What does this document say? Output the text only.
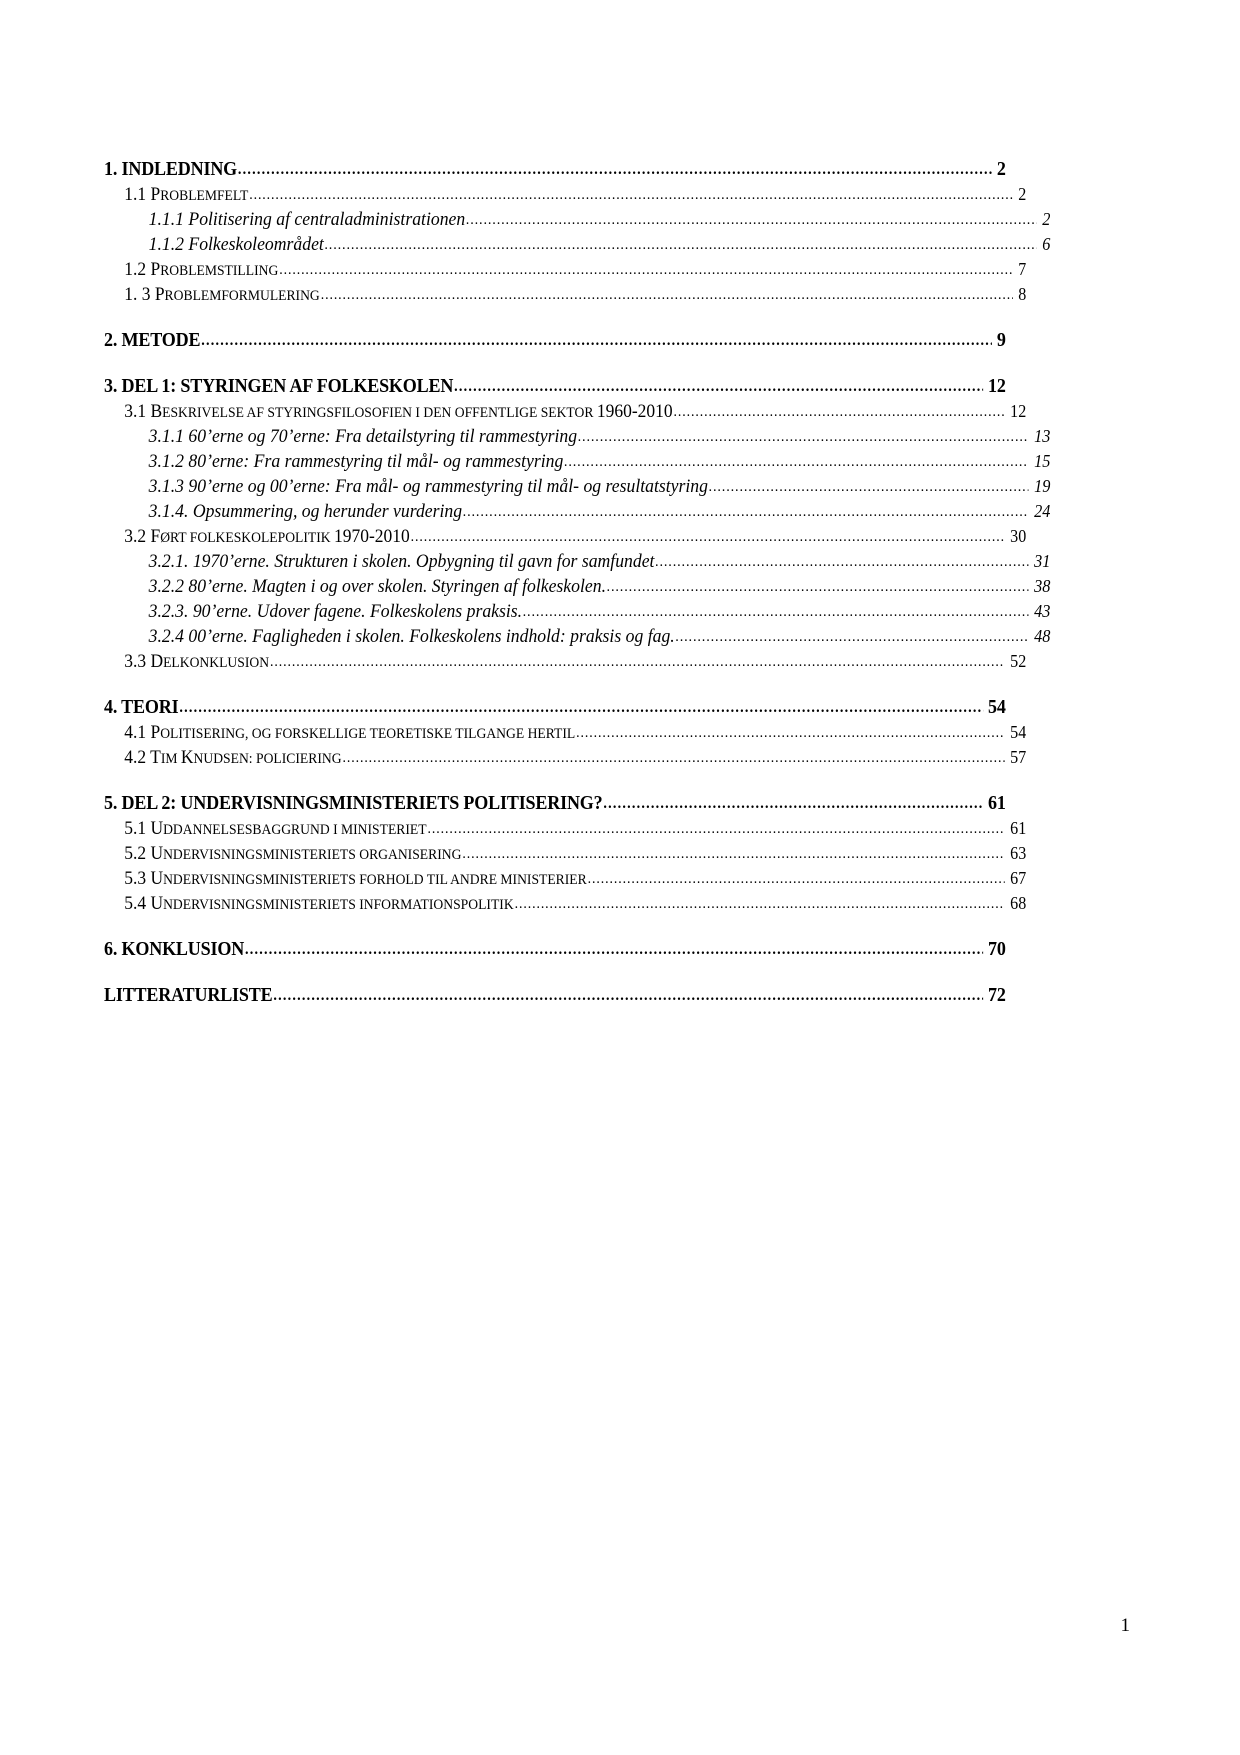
1. INDLEDNING .....	2
1.1 PROBLEMFELT .....	2
1.1.1 Politisering af centraladministrationen .....	2
1.1.2 Folkeskoleområdet .....	6
1.2 PROBLEMSTILLING .....	7
1. 3 PROBLEMFORMULERING .....	8
2. METODE .....	9
3. DEL 1: STYRINGEN AF FOLKESKOLEN .....	12
3.1 BESKRIVELSE AF STYRINGSFILOSOFIEN I DEN OFFENTLIGE SEKTOR 1960-2010 .....	12
3.1.1 60’erne og 70’erne: Fra detailstyring til rammestyring .....	13
3.1.2 80’erne: Fra rammestyring til mål- og rammestyring .....	15
3.1.3 90’erne og 00’erne: Fra mål- og rammestyring til mål- og resultatstyring .....	19
3.1.4. Opsummering, og herunder vurdering .....	24
3.2 FØRT FOLKESKOLEPOLITIK 1970-2010 .....	30
3.2.1. 1970’erne. Strukturen i skolen. Opbygning til gavn for samfundet .....	31
3.2.2 80’erne. Magten i og over skolen. Styringen af folkeskolen. .....	38
3.2.3. 90’erne. Udover fagene. Folkeskolens praksis. .....	43
3.2.4 00’erne. Fagligheden i skolen. Folkeskolens indhold: praksis og fag. .....	48
3.3 DELKONKLUSION .....	52
4. TEORI .....	54
4.1 POLITISERING, OG FORSKELLIGE TEORETISKE TILGANGE HERTIL .....	54
4.2 TIM KNUDSEN: POLICIERING .....	57
5. DEL 2: UNDERVISNINGSMINISTERIETS POLITISERING? .....	61
5.1 UDDANNELSESBAGGRUND I MINISTERIET .....	61
5.2 UNDERVISNINGSMINISTERIETS ORGANISERING .....	63
5.3 UNDERVISNINGSMINISTERIETS FORHOLD TIL ANDRE MINISTERIER .....	67
5.4 UNDERVISNINGSMINISTERIETS INFORMATIONSPOLITIK .....	68
6. KONKLUSION .....	70
LITTERATURLISTE .....	72
1
